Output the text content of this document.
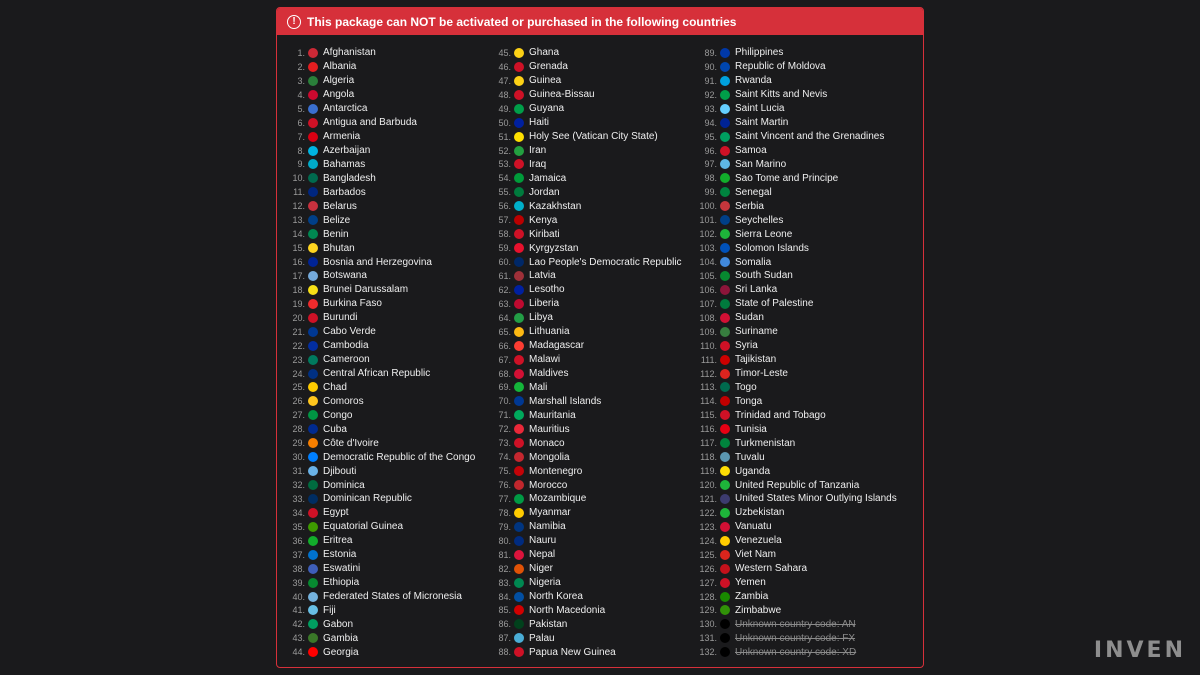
! This package can NOT be activated or purchased in the following countries
1. Afghanistan
2. Albania
3. Algeria
4. Angola
5. Antarctica
6. Antigua and Barbuda
7. Armenia
8. Azerbaijan
9. Bahamas
10. Bangladesh
11. Barbados
12. Belarus
13. Belize
14. Benin
15. Bhutan
16. Bosnia and Herzegovina
17. Botswana
18. Brunei Darussalam
19. Burkina Faso
20. Burundi
21. Cabo Verde
22. Cambodia
23. Cameroon
24. Central African Republic
25. Chad
26. Comoros
27. Congo
28. Cuba
29. Côte d'Ivoire
30. Democratic Republic of the Congo
31. Djibouti
32. Dominica
33. Dominican Republic
34. Egypt
35. Equatorial Guinea
36. Eritrea
37. Estonia
38. Eswatini
39. Ethiopia
40. Federated States of Micronesia
41. Fiji
42. Gabon
43. Gambia
44. Georgia
45. Ghana
46. Grenada
47. Guinea
48. Guinea-Bissau
49. Guyana
50. Haiti
51. Holy See (Vatican City State)
52. Iran
53. Iraq
54. Jamaica
55. Jordan
56. Kazakhstan
57. Kenya
58. Kiribati
59. Kyrgyzstan
60. Lao People's Democratic Republic
61. Latvia
62. Lesotho
63. Liberia
64. Libya
65. Lithuania
66. Madagascar
67. Malawi
68. Maldives
69. Mali
70. Marshall Islands
71. Mauritania
72. Mauritius
73. Monaco
74. Mongolia
75. Montenegro
76. Morocco
77. Mozambique
78. Myanmar
79. Namibia
80. Nauru
81. Nepal
82. Niger
83. Nigeria
84. North Korea
85. North Macedonia
86. Pakistan
87. Palau
88. Papua New Guinea
89. Philippines
90. Republic of Moldova
91. Rwanda
92. Saint Kitts and Nevis
93. Saint Lucia
94. Saint Martin
95. Saint Vincent and the Grenadines
96. Samoa
97. San Marino
98. Sao Tome and Principe
99. Senegal
100. Serbia
101. Seychelles
102. Sierra Leone
103. Solomon Islands
104. Somalia
105. South Sudan
106. Sri Lanka
107. State of Palestine
108. Sudan
109. Suriname
110. Syria
111. Tajikistan
112. Timor-Leste
113. Togo
114. Tonga
115. Trinidad and Tobago
116. Tunisia
117. Turkmenistan
118. Tuvalu
119. Uganda
120. United Republic of Tanzania
121. United States Minor Outlying Islands
122. Uzbekistan
123. Vanuatu
124. Venezuela
125. Viet Nam
126. Western Sahara
127. Yemen
128. Zambia
129. Zimbabwe
130. Unknown country code: AN
131. Unknown country code: FX
132. Unknown country code: XD	INVEN
